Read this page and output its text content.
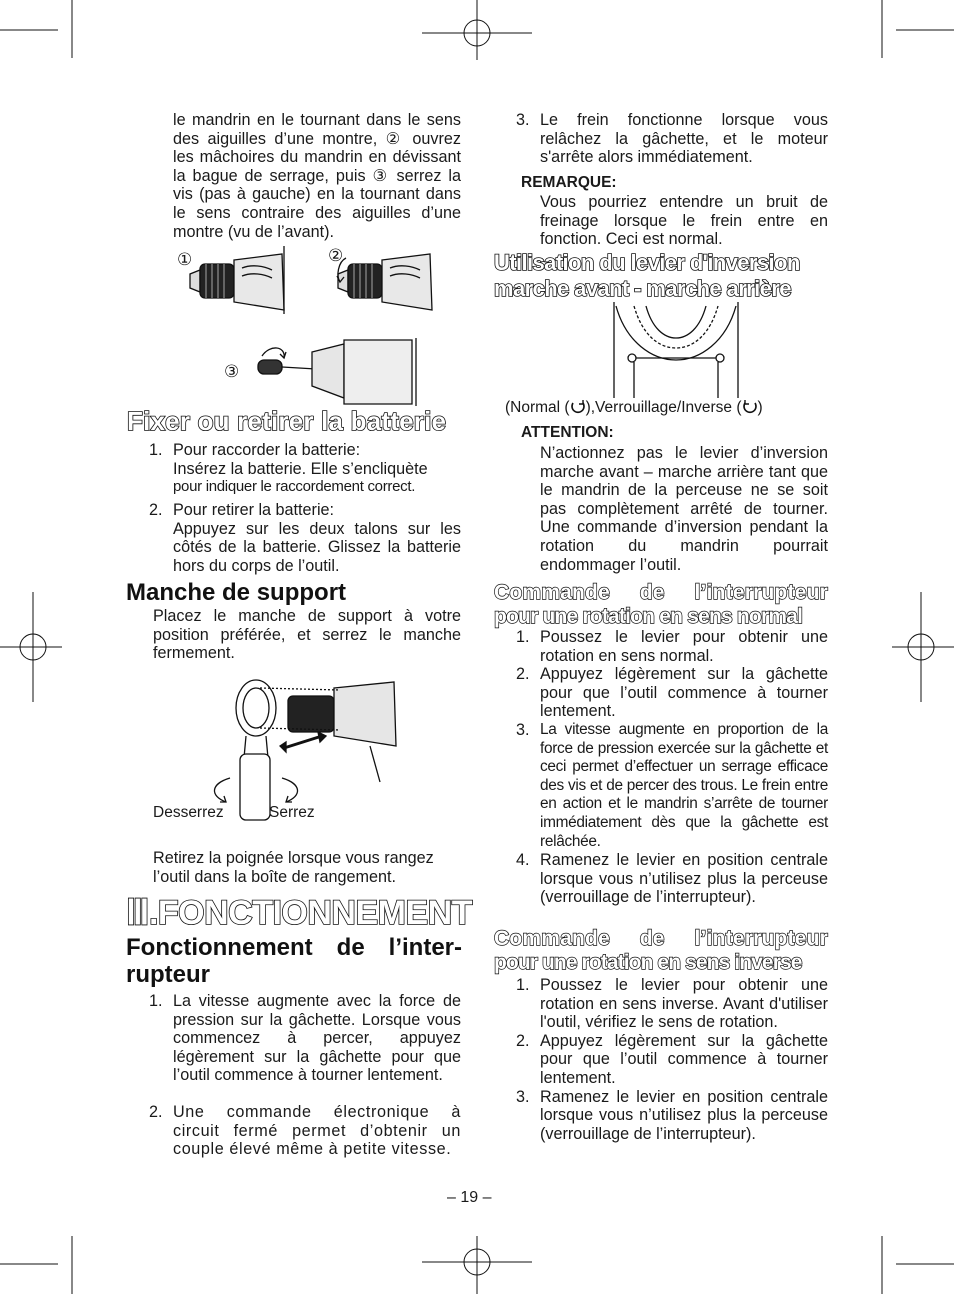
le mandrin en le tournant dans le sens des aiguilles d’une montre, ② ouvrez les mâchoires du mandrin en dévissant la bague de serrage, puis ③ serrez la vis (pas à gauche) en la tournant dans le sens contraire des aiguilles d’une montre (vu de l’avant).
①	②
③
Fixer ou retirer la batterie
1. Pour raccorder la batterie:
Insérez la batterie. Elle s’encliquète
pour indiquer le raccordement correct.
2. Pour retirer la batterie:
Appuyez sur les deux talons sur les côtés de la batterie. Glissez la batterie hors du corps de l’outil.
Manche de support
Placez le manche de support à votre position préférée, et serrez le manche fermement.
Desserrez	Serrez
Retirez la poignée lorsque vous rangez l’outil dans la boîte de rangement.
Ⅲ.FONCTIONNEMENT
Fonctionnement de l’inter-
rupteur
1. La vitesse augmente avec la force de pression sur la gâchette. Lorsque vous commencez à percer, appuyez légèrement sur la gâchette pour que l’outil commence à tourner lentement.
2. Une commande électronique à circuit fermé permet d’obtenir un couple élevé même à petite vitesse.
3. Le frein fonctionne lorsque vous relâchez la gâchette, et le moteur s'arrête alors immédiatement.
REMARQUE:
Vous pourriez entendre un bruit de freinage lorsque le frein entre en fonction. Ceci est normal.
Utilisation du levier d'inversion
marche avant - marche arrière
(Normal ( ),Verrouillage/Inverse ( )
ATTENTION:
N’actionnez pas le levier d’inversion marche avant – marche arrière tant que le mandrin de la perceuse ne se soit pas complètement arrêté de tourner. Une commande d’inversion pendant la rotation du mandrin pourrait endommager l’outil.
Commande de l’interrupteur
pour une rotation en sens normal
1. Poussez le levier pour obtenir une rotation en sens normal.
2. Appuyez légèrement sur la gâchette pour que l’outil commence à tourner lentement.
3. La vitesse augmente en proportion de la force de pression exercée sur la gâchette et ceci permet d’effectuer un serrage efficace des vis et de percer des trous. Le frein entre en action et le mandrin s’arrête de tourner immédiatement dès que la gâchette est relâchée.
4. Ramenez le levier en position centrale lorsque vous n’utilisez plus la perceuse (verrouillage de l’interrupteur).
Commande de l’interrupteur
pour une rotation en sens inverse
1. Poussez le levier pour obtenir une rotation en sens inverse. Avant d'utiliser l'outil, vérifiez le sens de rotation.
2. Appuyez légèrement sur la gâchette pour que l’outil commence à tourner lentement.
3. Ramenez le levier en position centrale lorsque vous n’utilisez plus la perceuse (verrouillage de l’interrupteur).
– 19 –
